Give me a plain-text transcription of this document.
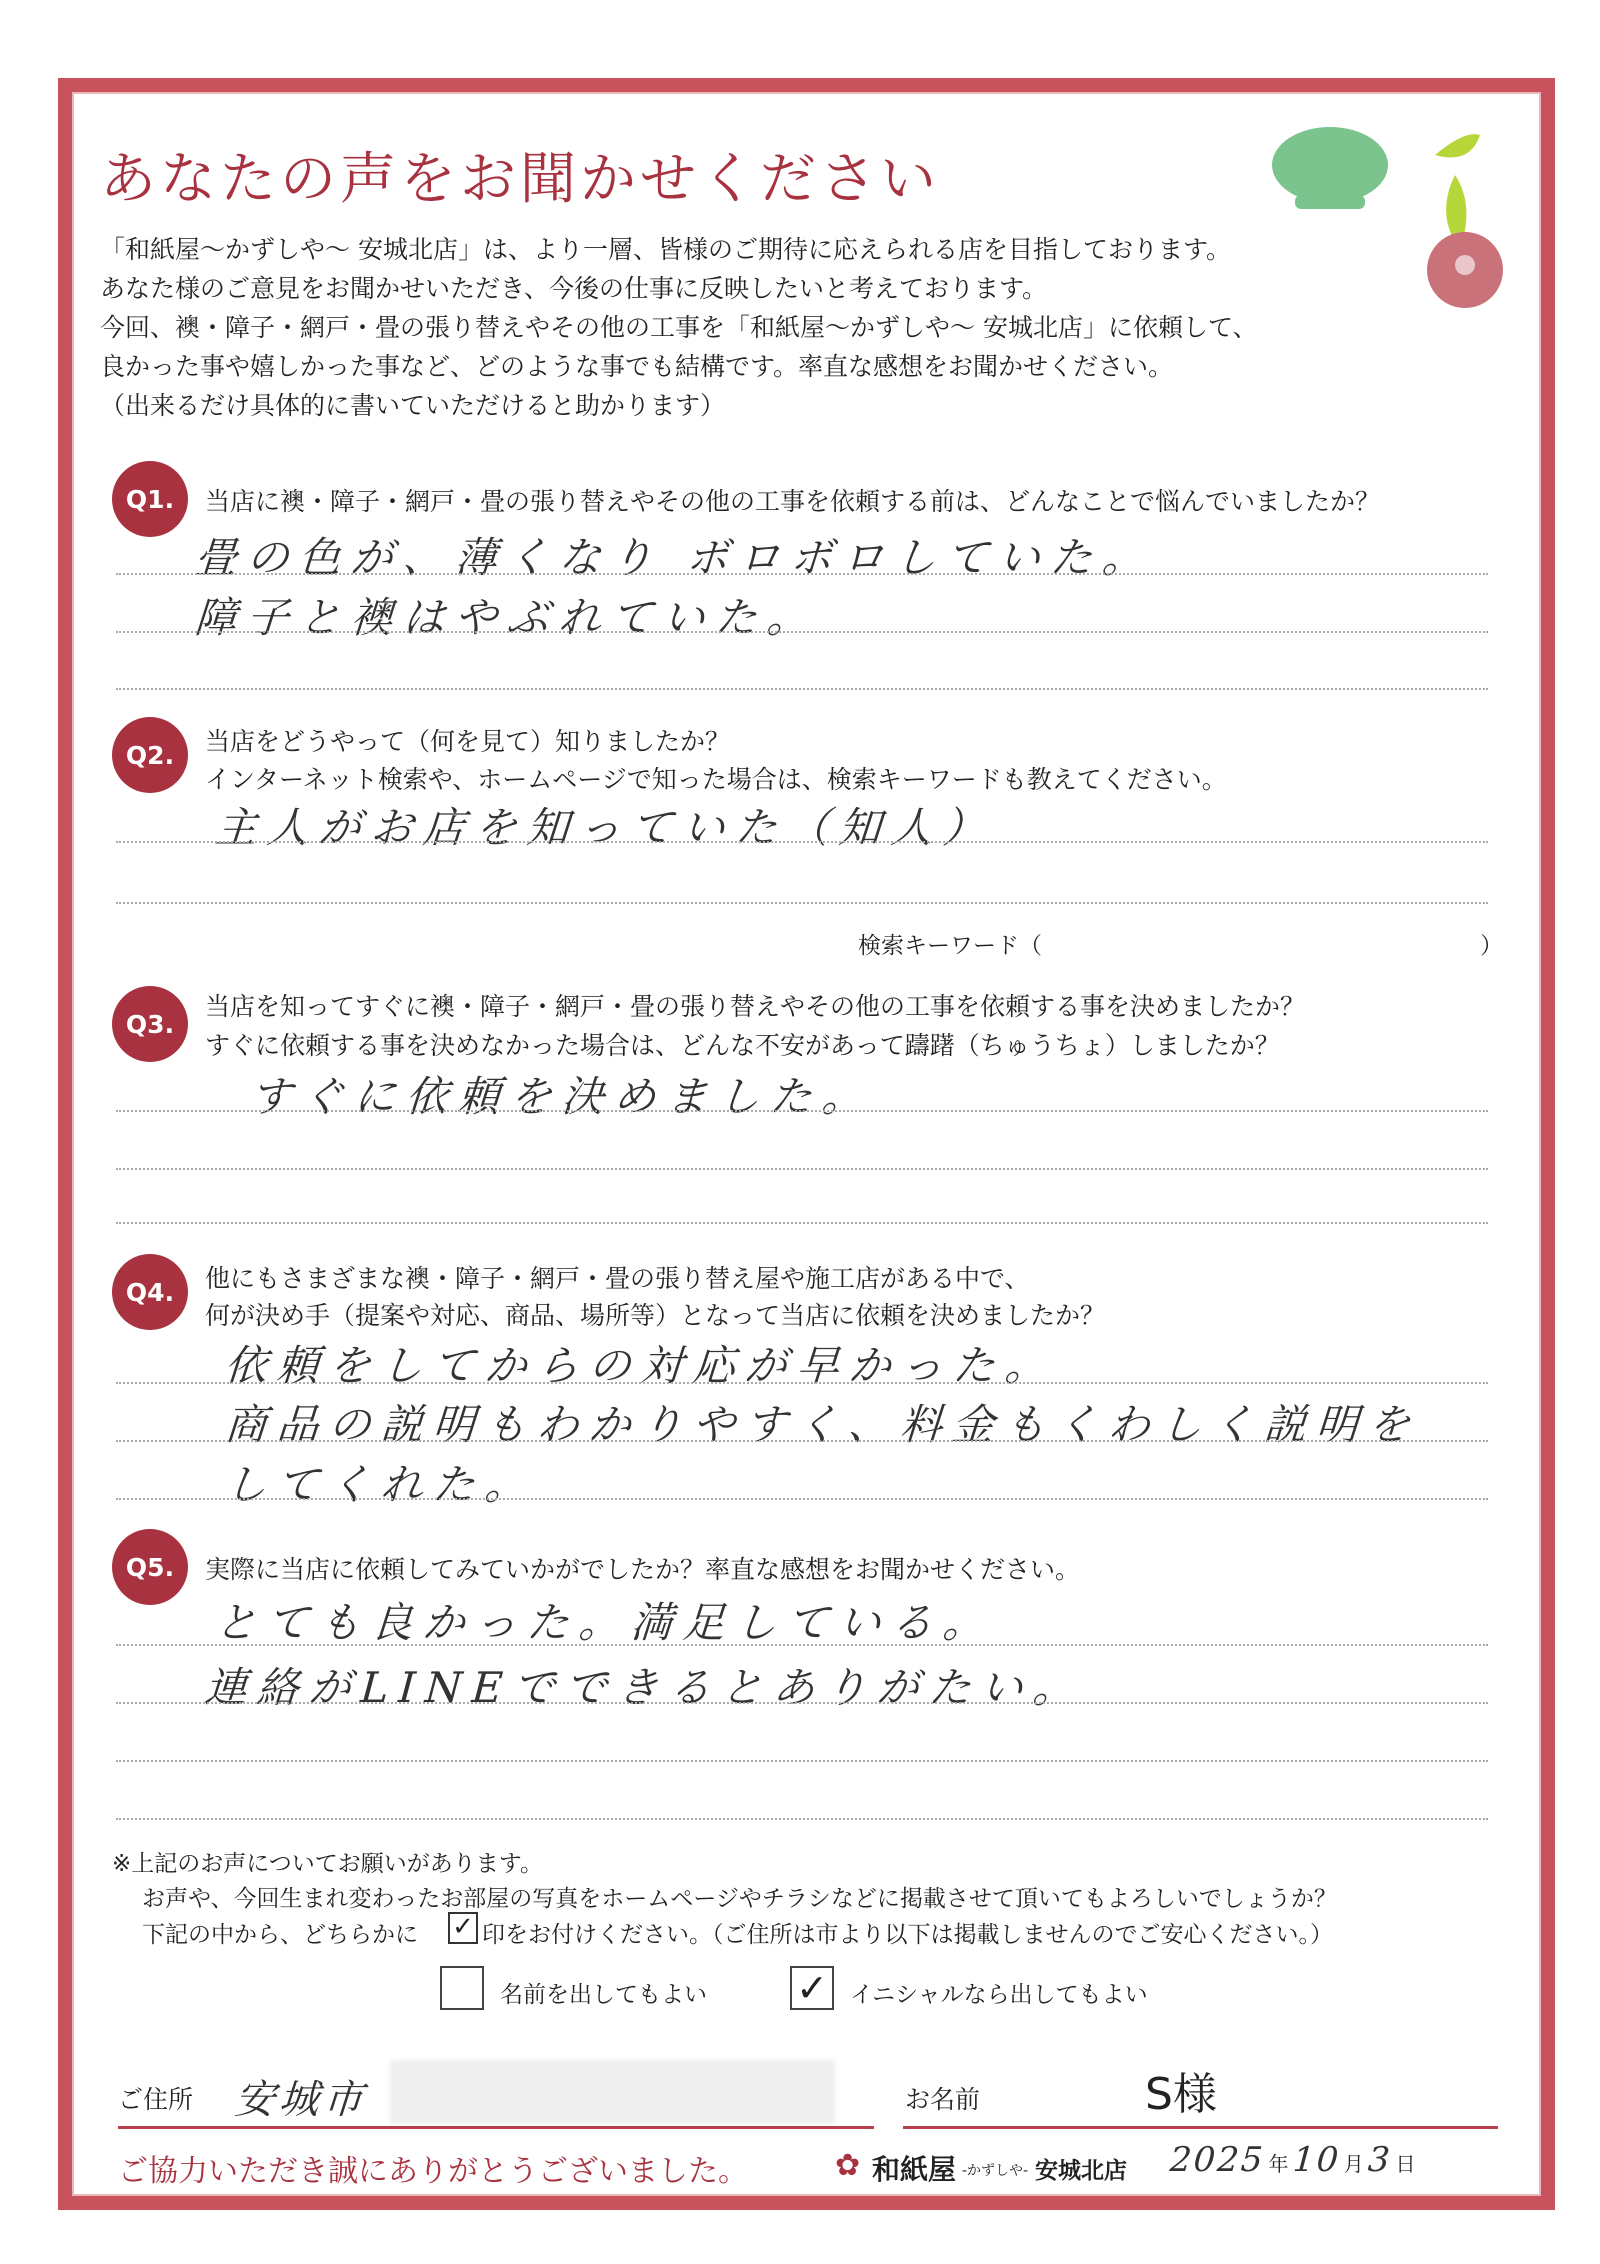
あなたの声をお聞かせください
「和紙屋～かずしや～ 安城北店」は、より一層、皆様のご期待に応えられる店を目指しております。
あなた様のご意見をお聞かせいただき、今後の仕事に反映したいと考えております。
今回、襖・障子・網戸・畳の張り替えやその他の工事を「和紙屋～かずしや～ 安城北店」に依頼して、
良かった事や嬉しかった事など、どのような事でも結構です。率直な感想をお聞かせください。
（出来るだけ具体的に書いていただけると助かります）
Q1.	当店に襖・障子・網戸・畳の張り替えやその他の工事を依頼する前は、どんなことで悩んでいましたか？
畳の色が、薄くなり ボロボロしていた。
障子と襖はやぶれていた。
Q2.	当店をどうやって（何を見て）知りましたか？
インターネット検索や、ホームページで知った場合は、検索キーワードも教えてください。
主人がお店を知っていた（知人）
検索キーワード（	）
Q3.
当店を知ってすぐに襖・障子・網戸・畳の張り替えやその他の工事を依頼する事を決めましたか？
すぐに依頼する事を決めなかった場合は、どんな不安があって躊躇（ちゅうちょ）しましたか？
すぐに依頼を決めました。
Q4.	他にもさまざまな襖・障子・網戸・畳の張り替え屋や施工店がある中で、
何が決め手（提案や対応、商品、場所等）となって当店に依頼を決めましたか？
依頼をしてからの対応が早かった。
商品の説明もわかりやすく、料金もくわしく説明を
してくれた。
Q5.	実際に当店に依頼してみていかがでしたか？率直な感想をお聞かせください。
とても良かった。満足している。
連絡がLINEでできるとありがたい。
※上記のお声についてお願いがあります。
お声や、今回生まれ変わったお部屋の写真をホームページやチラシなどに掲載させて頂いてもよろしいでしょうか？
下記の中から、どちらかに ✓ 印をお付けください。（ご住所は市より以下は掲載しませんのでご安心ください。）
名前を出してもよい ✓ イニシャルなら出してもよい
ご住所 安城市	お名前	S様
ご協力いただき誠にありがとうございました。	✿ 和紙屋 -かずしや- 安城北店 2025 年 10 月 3 日
